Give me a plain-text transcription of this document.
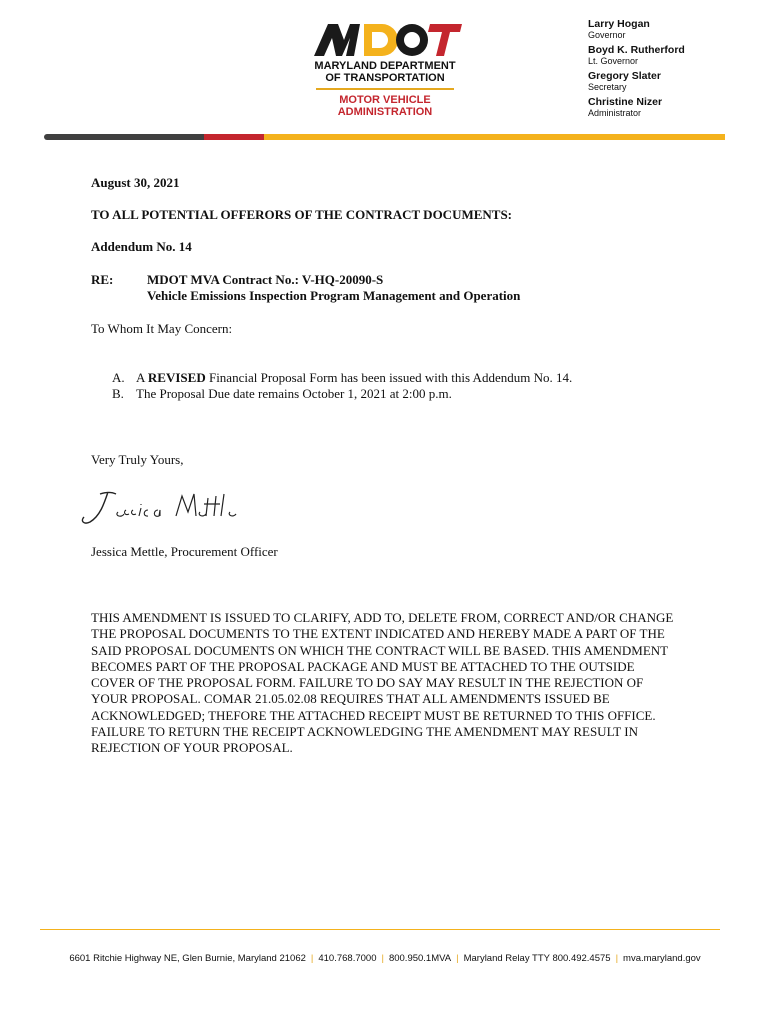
MARYLAND DEPARTMENT
OF TRANSPORTATION
MOTOR VEHICLE
ADMINISTRATION
Larry Hogan
Governor
Boyd K. Rutherford
Lt. Governor
Gregory Slater
Secretary
Christine Nizer
Administrator
August 30, 2021
TO ALL POTENTIAL OFFERORS OF THE CONTRACT DOCUMENTS:
Addendum No. 14
RE:	MDOT MVA Contract No.: V-HQ-20090-S
Vehicle Emissions Inspection Program Management and Operation
To Whom It May Concern:
A. A REVISED Financial Proposal Form has been issued with this Addendum No. 14.
B. The Proposal Due date remains October 1, 2021 at 2:00 p.m.
Very Truly Yours,
Jessica Mettle, Procurement Officer
THIS AMENDMENT IS ISSUED TO CLARIFY, ADD TO, DELETE FROM, CORRECT AND/OR CHANGE THE PROPOSAL DOCUMENTS TO THE EXTENT INDICATED AND HEREBY MADE A PART OF THE SAID PROPOSAL DOCUMENTS ON WHICH THE CONTRACT WILL BE BASED. THIS AMENDMENT BECOMES PART OF THE PROPOSAL PACKAGE AND MUST BE ATTACHED TO THE OUTSIDE COVER OF THE PROPOSAL FORM. FAILURE TO DO SAY MAY RESULT IN THE REJECTION OF YOUR PROPOSAL. COMAR 21.05.02.08 REQUIRES THAT ALL AMENDMENTS ISSUED BE ACKNOWLEDGED; THEFORE THE ATTACHED RECEIPT MUST BE RETURNED TO THIS OFFICE. FAILURE TO RETURN THE RECEIPT ACKNOWLEDGING THE AMENDMENT MAY RESULT IN REJECTION OF YOUR PROPOSAL.
6601 Ritchie Highway NE, Glen Burnie, Maryland 21062 | 410.768.7000 | 800.950.1MVA | Maryland Relay TTY 800.492.4575 | mva.maryland.gov
